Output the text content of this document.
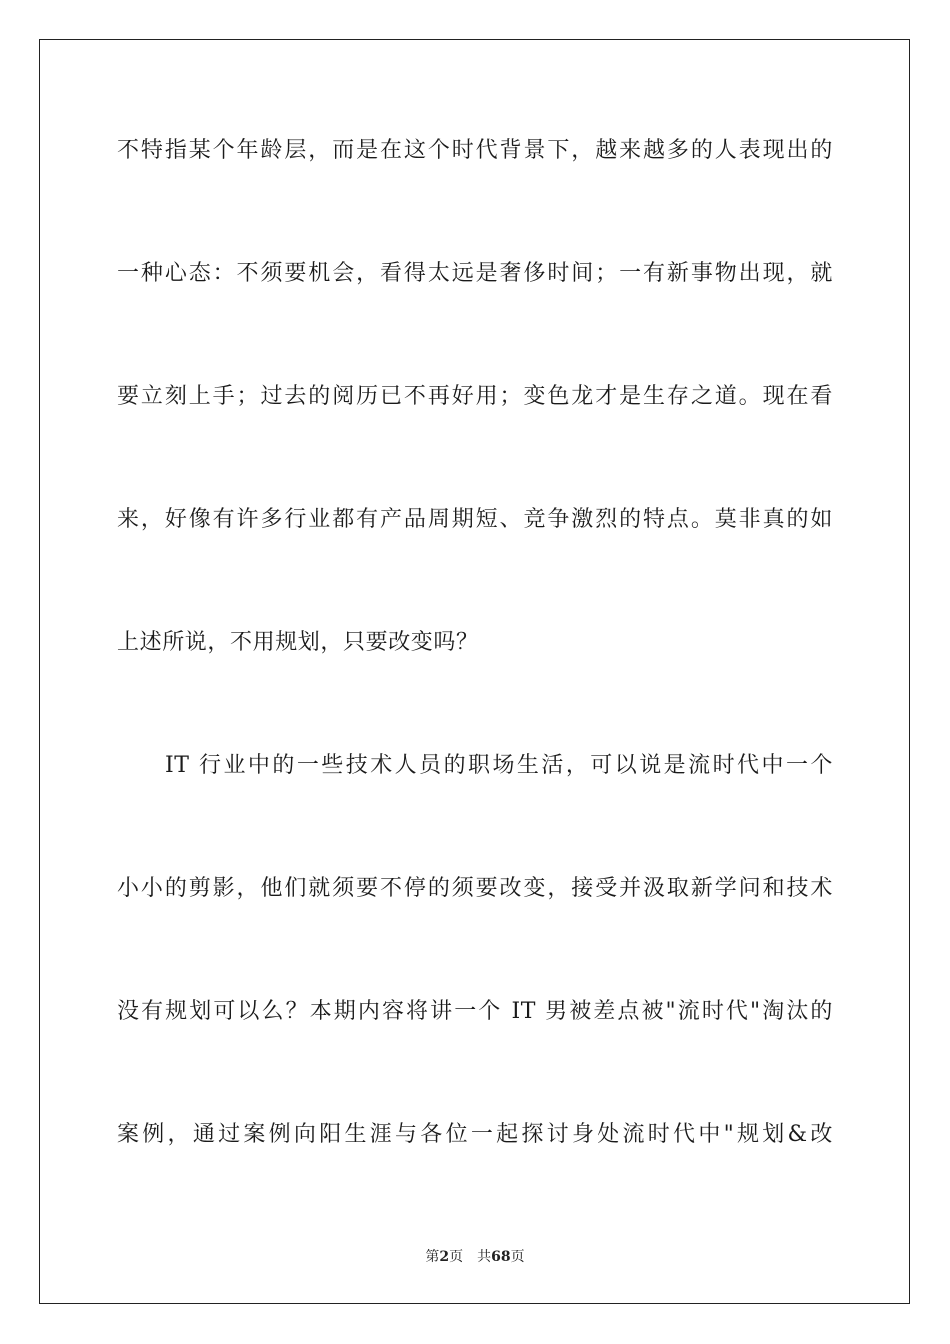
不特指某个年龄层，而是在这个时代背景下，越来越多的人表现出的
一种心态：不须要机会，看得太远是奢侈时间；一有新事物出现，就
要立刻上手；过去的阅历已不再好用；变色龙才是生存之道。现在看
来，好像有许多行业都有产品周期短、竞争激烈的特点。莫非真的如
上述所说，不用规划，只要改变吗？
IT 行业中的一些技术人员的职场生活，可以说是流时代中一个
小小的剪影，他们就须要不停的须要改变，接受并汲取新学问和技术
没有规划可以么？本期内容将讲一个 IT 男被差点被"流时代"淘汰的
案例，通过案例向阳生涯与各位一起探讨身处流时代中"规划&改
第2页 共68页
